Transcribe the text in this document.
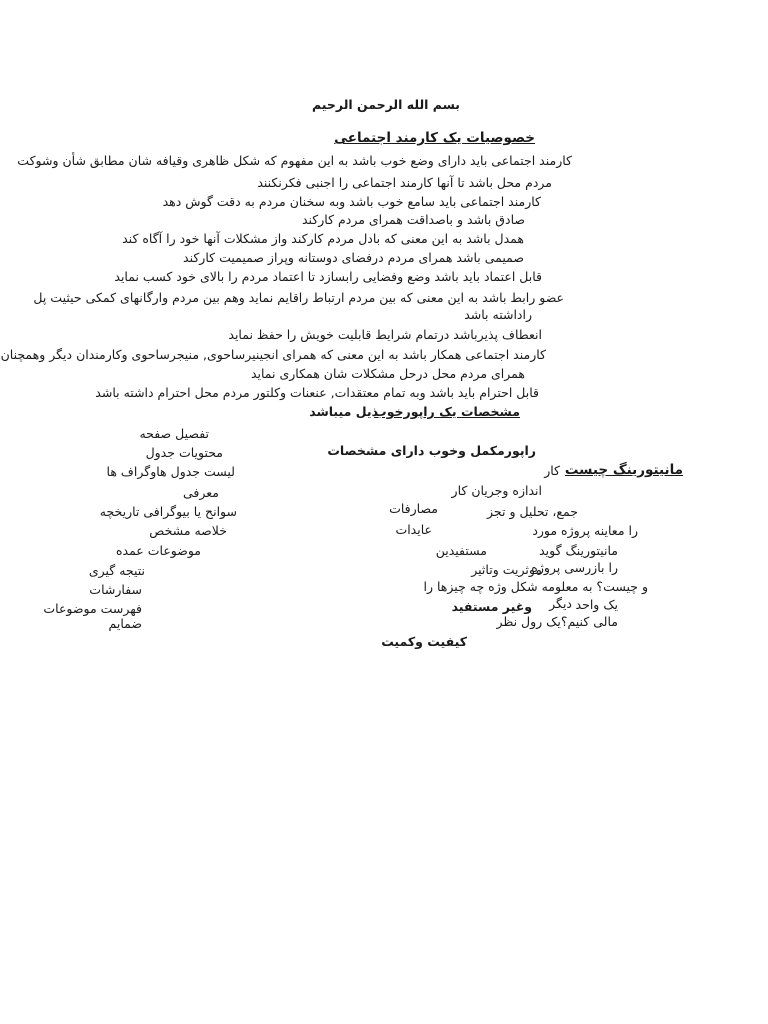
بسم الله الرحمن الرحیم
خصوصیات یک کارمند اجتماعی
کارمند اجتماعی باید دارای وضع خوب باشد به این مفهوم که شکل ظاهری وقیافه شان مطابق شأن وشوکت
مردم محل باشد تا آنها کارمند اجتماعی را اجنبی فکرنکنند
کارمند اجتماعی باید سامع خوب باشد وبه سخنان مردم به دقت گوش دهد
صادق باشد و باصداقت همرای مردم کارکند
همدل باشد به این معنی که بادل مردم کارکند واز مشکلات آنها خود را آگاه کند
صمیمی باشد همرای مردم درفضای دوستانه وپراز صمیمیت کارکند
قابل اعتماد باید باشد وضع وفضایی رابسازد تا اعتماد مردم را بالای خود کسب نماید
عضو رابط باشد به این معنی که بین مردم ارتباط راقایم نماید وهم بین مردم وارگانهای کمکی حیثیت پل
راداشته باشد
انعطاف پذیرباشد درتمام شرایط قابلیت خویش را حفظ نماید
کارمند اجتماعی همکار باشد به این معنی که همرای انجینیرساحوی, منیجرساحوی وکارمندان دیگر وهمچنان
همرای مردم محل درحل مشکلات شان همکاری نماید
قابل احترام باید باشد وبه تمام معتقدات, عنعنات وکلتور مردم محل احترام داشته باشد
مشخصات یک راپورخوب
ذیل میباشد
تفصیل صفحه
محتویات جدول
لیست جدول هاوگراف ها
معرفی
سوانح یا بیوگرافی تاریخچه
خلاصه مشخص
موضوعات عمده
نتیجه گیری
سفارشات
فهرست موضوعات
ضمایم
راپورمکمل وخوب دارای مشخصات
مصارفات
عایدات
مستفیدین
موثریت وتاثیر
وغیر مستفید دیگر
کیفیت وکمیت
مانیتورینگ چیست
کار
اندازه وجریان کار
جمع، تحلیل و تجز
را معاینه پروژه مورد
مانیتورینگ گوید
را بازرسی پروژه
و چیست؟ به معلومه شکل وژه چه چیزها را
یک واحد
مالی کنیم؟یک رول نظر
